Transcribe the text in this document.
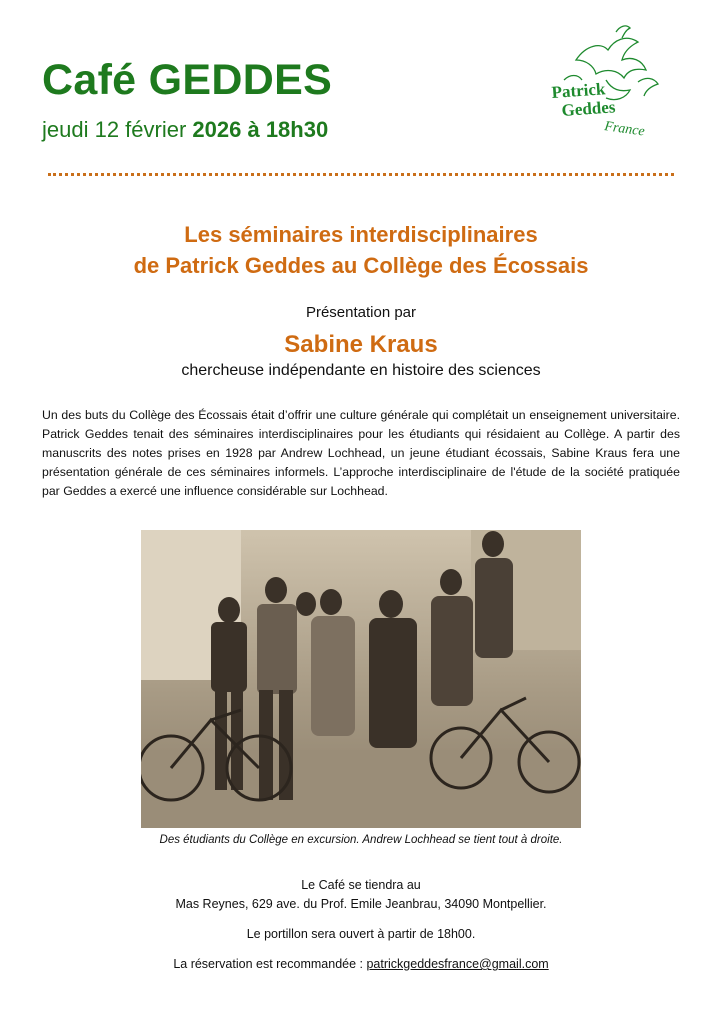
Café GEDDES
jeudi 12 février 2026 à 18h30
Patrick
Geddes
France
Les séminaires interdisciplinaires
de Patrick Geddes au Collège des Écossais
Présentation par
Sabine Kraus
chercheuse indépendante en histoire des sciences
Un des buts du Collège des Écossais était d’offrir une culture générale qui complétait un enseignement universitaire. Patrick Geddes tenait des séminaires interdisciplinaires pour les étudiants qui résidaient au Collège. A partir des manuscrits des notes prises en 1928 par Andrew Lochhead, un jeune étudiant écossais, Sabine Kraus fera une présentation générale de ces séminaires informels. L’approche interdisciplinaire de l'étude de la société pratiquée par Geddes a exercé une influence considérable sur Lochhead.
Des étudiants du Collège en excursion. Andrew Lochhead se tient tout à droite.
Le Café se tiendra au
Mas Reynes, 629 ave. du Prof. Emile Jeanbrau, 34090 Montpellier.
Le portillon sera ouvert à partir de 18h00.
La réservation est recommandée : patrickgeddesfrance@gmail.com
